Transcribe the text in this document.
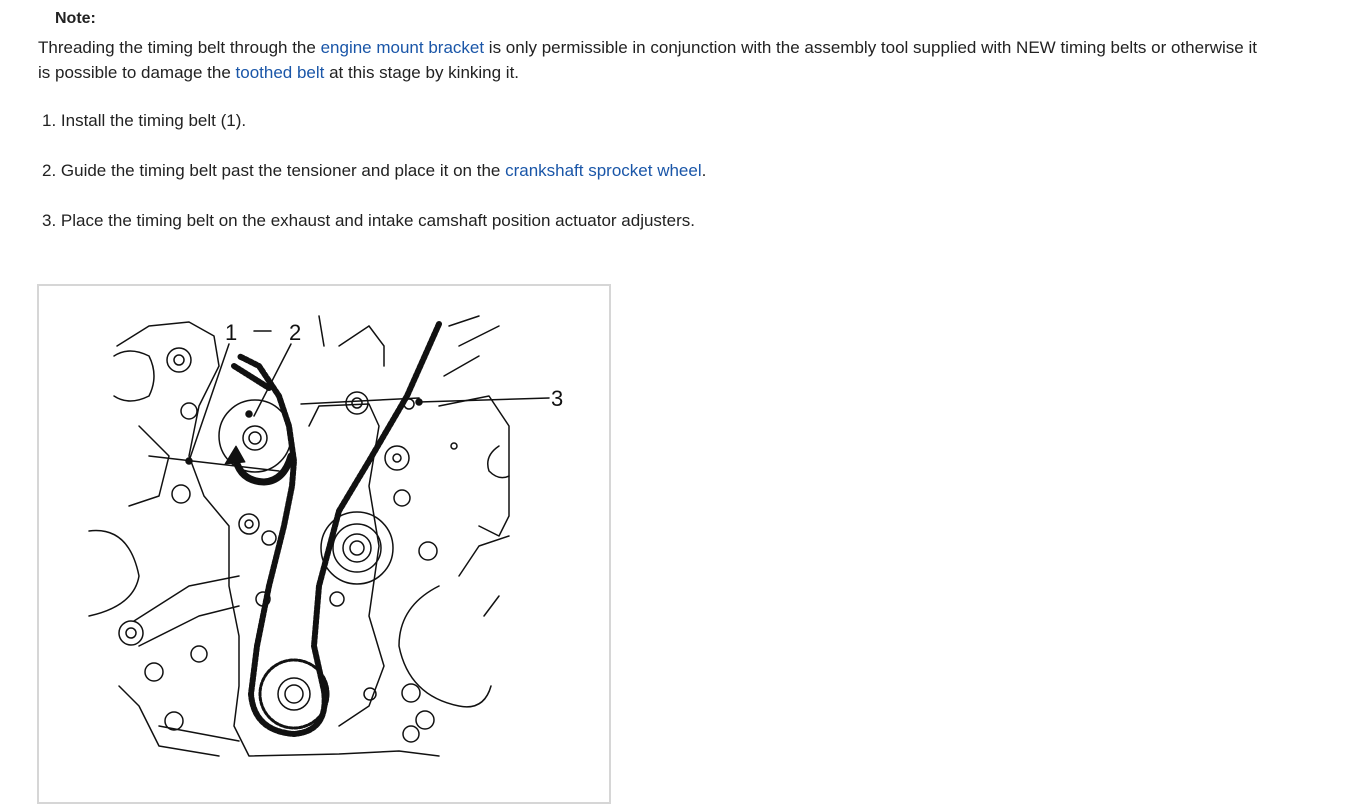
Note:
Threading the timing belt through the engine mount bracket is only permissible in conjunction with the assembly tool supplied with NEW timing belts or otherwise it is possible to damage the toothed belt at this stage by kinking it.
1. Install the timing belt (1).
2. Guide the timing belt past the tensioner and place it on the crankshaft sprocket wheel.
3. Place the timing belt on the exhaust and intake camshaft position actuator adjusters.
1 2
3
